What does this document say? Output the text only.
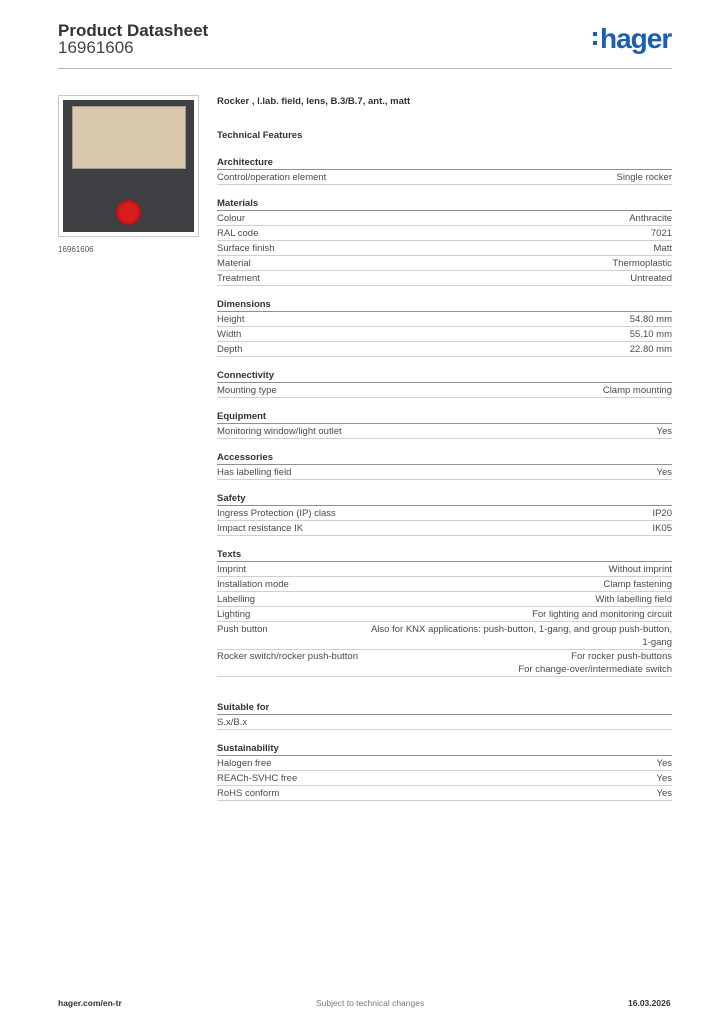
Product Datasheet
16961606	hager
16961606
Rocker , l.lab. field, lens, B.3/B.7, ant., matt
Technical Features
Architecture
Control/operation element	Single rocker
Materials
Colour	Anthracite
RAL code	7021
Surface finish	Matt
Material	Thermoplastic
Treatment	Untreated
Dimensions
Height	54.80 mm
Width	55.10 mm
Depth	22.80 mm
Connectivity
Mounting type	Clamp mounting
Equipment
Monitoring window/light outlet	Yes
Accessories
Has labelling field	Yes
Safety
Ingress Protection (IP) class	IP20
Impact resistance IK	IK05
Texts
Imprint	Without imprint
Installation mode	Clamp fastening
Labelling	With labelling field
Lighting	For lighting and monitoring circuit
Push button	Also for KNX applications: push-button, 1-gang, and group push-button,
1-gang
Rocker switch/rocker push-button	For rocker push-buttons
For change-over/intermediate switch
Suitable for
S.x/B.x
Sustainability
Halogen free	Yes
REACh-SVHC free	Yes
RoHS conform	Yes
hager.com/en-tr	Subject to technical changes	16.03.2026
